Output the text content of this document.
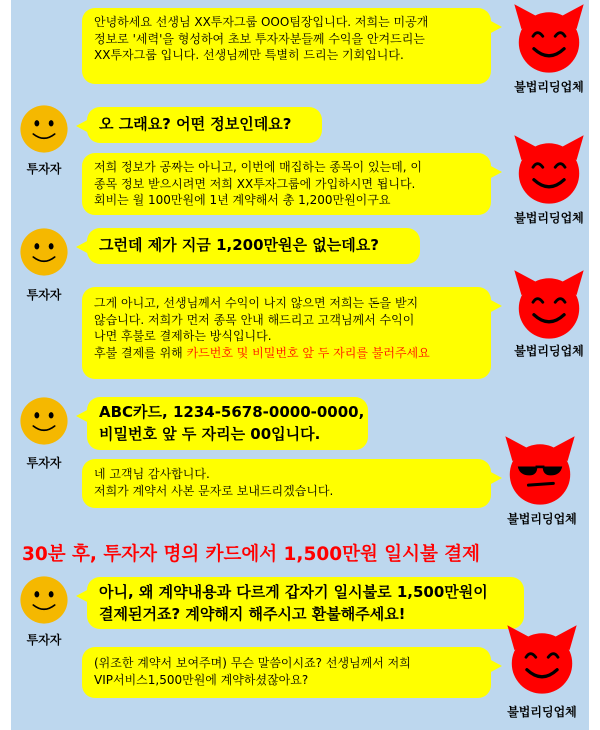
안녕하세요 선생님 XX투자그룹 OOO팀장입니다. 저희는 미공개
정보로 '세력'을 형성하여 초보 투자자분들께 수익을 안겨드리는
XX투자그룹 입니다. 선생님께만 특별히 드리는 기회입니다.
불법리딩업체
투자자
오 그래요? 어떤 정보인데요?
저희 정보가 공짜는 아니고, 이번에 매집하는 종목이 있는데, 이
종목 정보 받으시려면 저희 XX투자그룹에 가입하시면 됩니다.
회비는 월 100만원에 1년 계약해서 총 1,200만원이구요
불법리딩업체
투자자
그런데 제가 지금 1,200만원은 없는데요?
그게 아니고, 선생님께서 수익이 나지 않으면 저희는 돈을 받지
않습니다. 저희가 먼저 종목 안내 해드리고 고객님께서 수익이
나면 후불로 결제하는 방식입니다.
후불 결제를 위해 카드번호 및 비밀번호 앞 두 자리를 불러주세요	불법리딩업체
투자자
ABC카드, 1234-5678-0000-0000,
비밀번호 앞 두 자리는 00입니다.
네 고객님 감사합니다.
저희가 계약서 사본 문자로 보내드리겠습니다.
불법리딩업체
30분 후, 투자자 명의 카드에서 1,500만원 일시불 결제
투자자
아니, 왜 계약내용과 다르게 갑자기 일시불로 1,500만원이
결제된거죠? 계약해지 해주시고 환불해주세요!
(위조한 계약서 보여주며) 무슨 말씀이시죠? 선생님께서 저희
VIP서비스1,500만원에 계약하셨잖아요?
불법리딩업체
